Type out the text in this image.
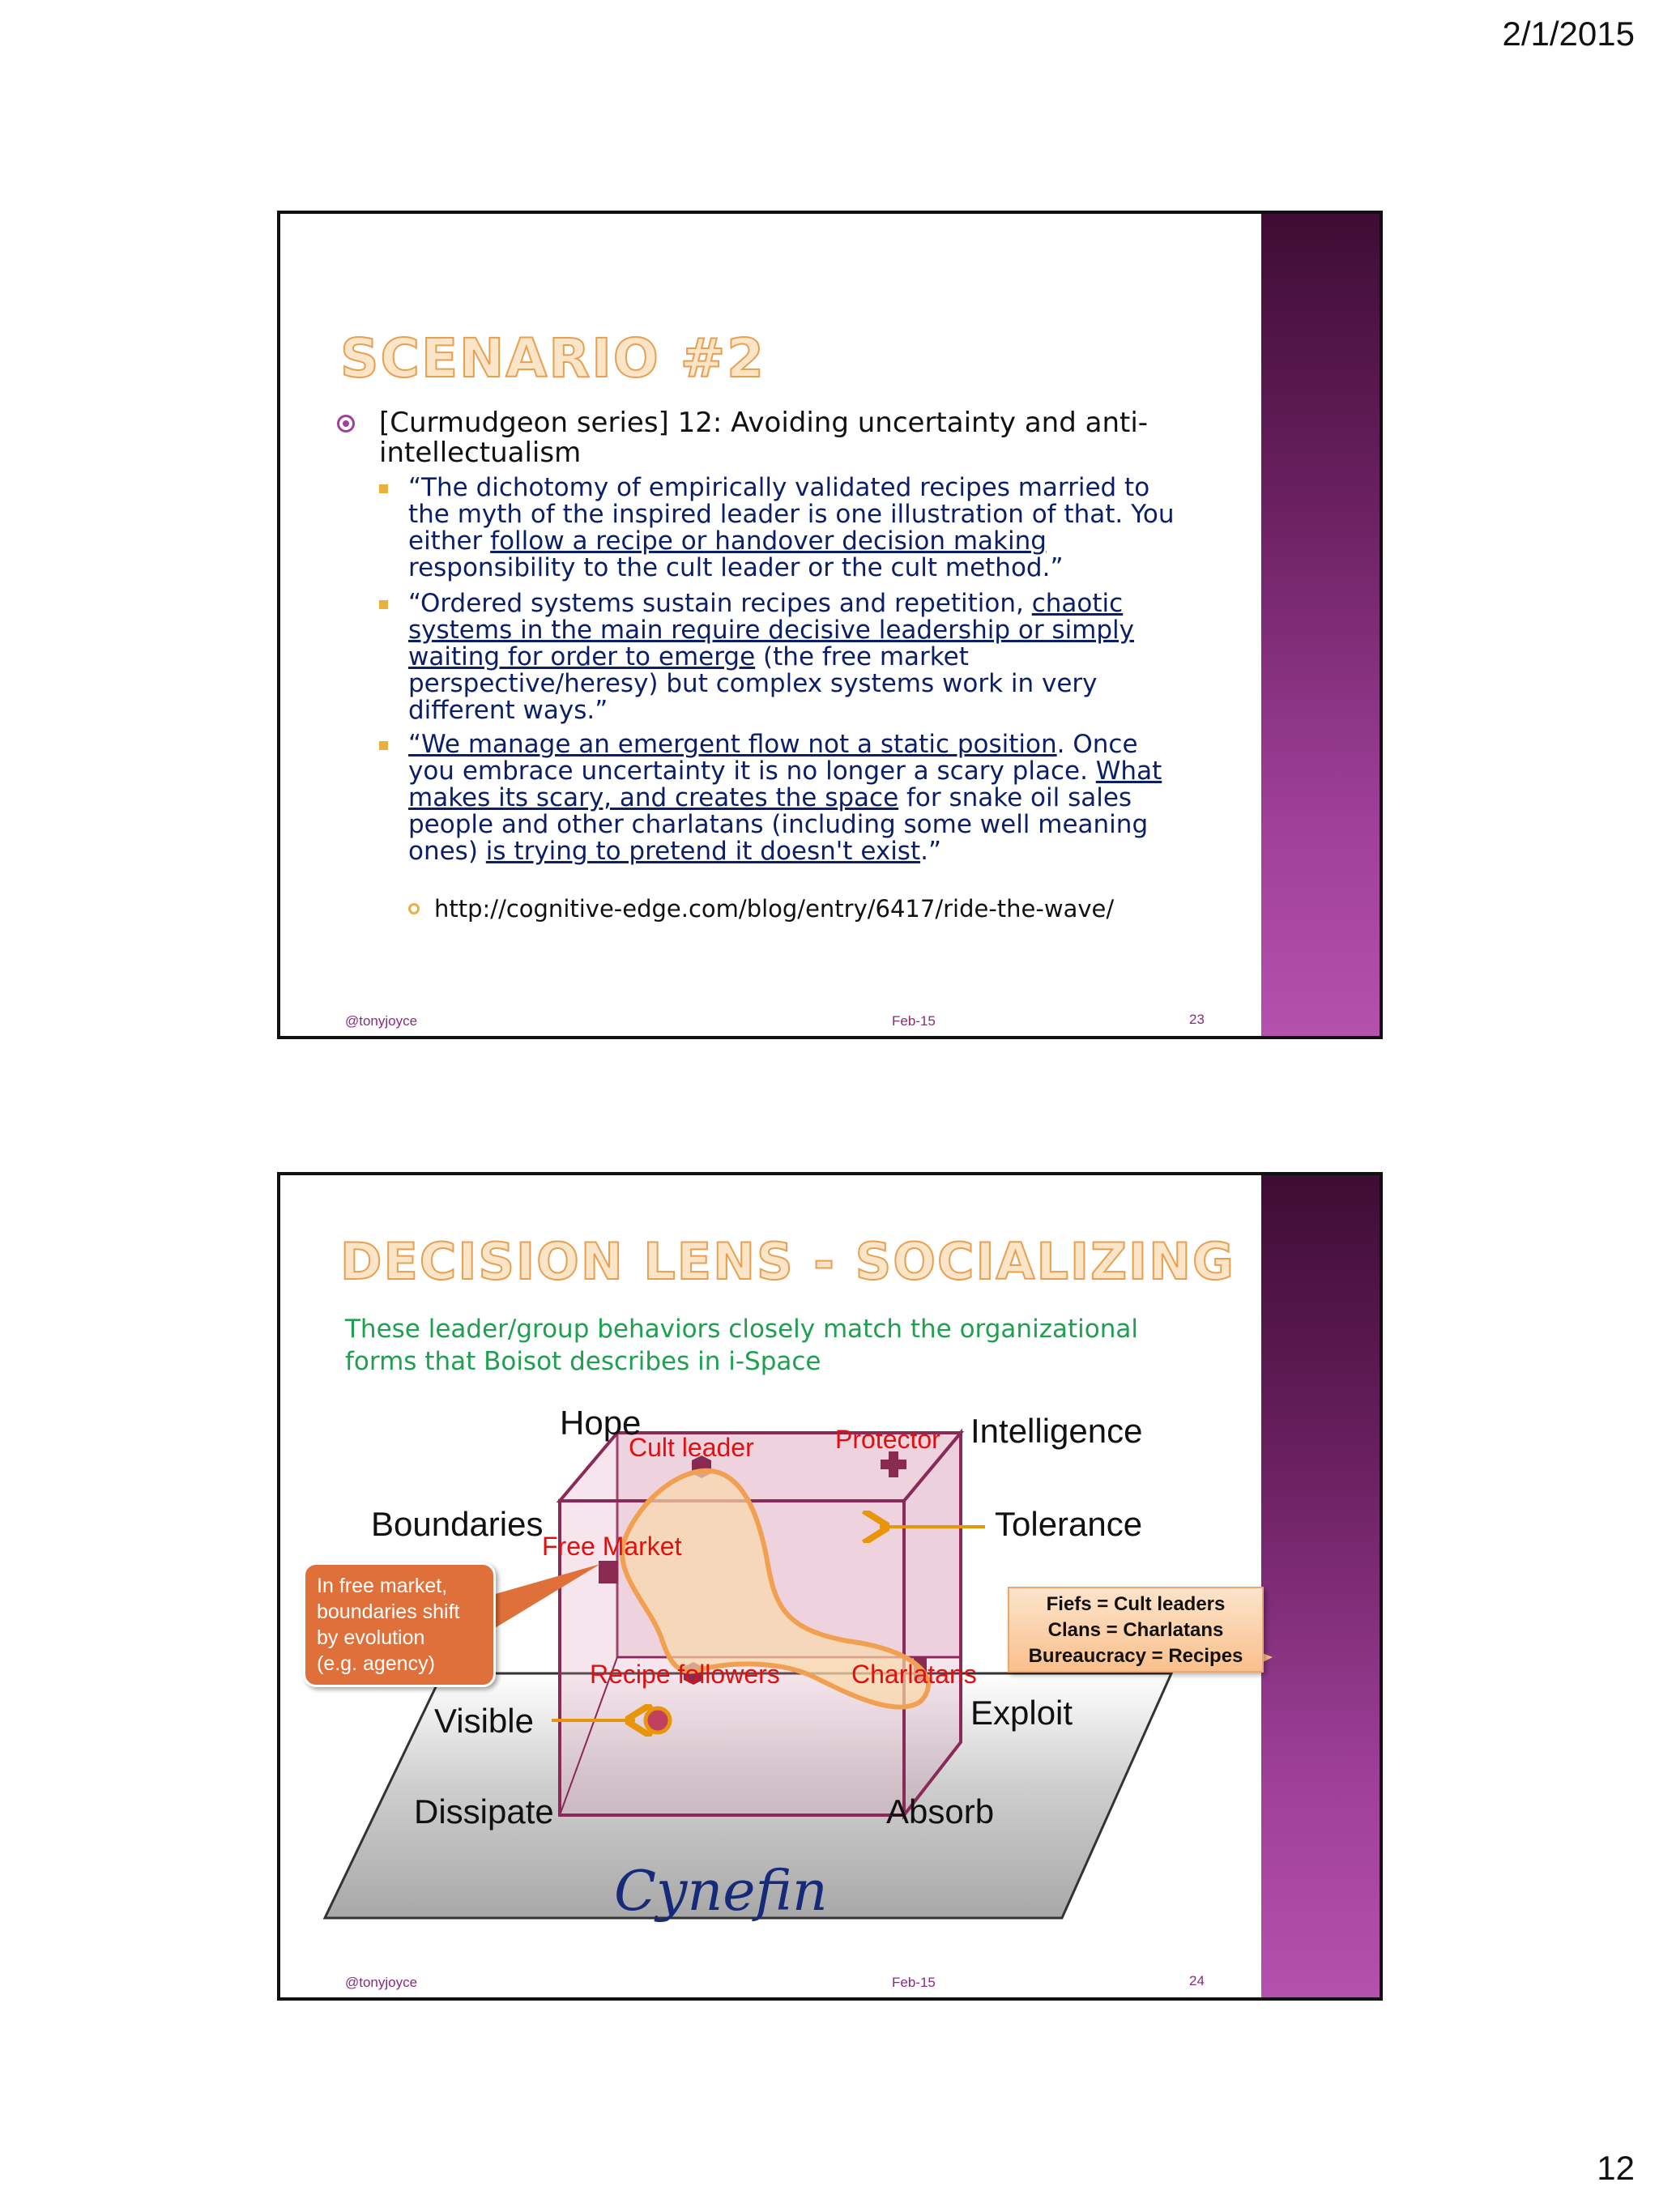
2/1/2015
SCENARIO #2
[Curmudgeon series] 12: Avoiding uncertainty and anti-intellectualism
“The dichotomy of empirically validated recipes married to the myth of the inspired leader is one illustration of that. You either follow a recipe or handover decision making responsibility to the cult leader or the cult method.”
“Ordered systems sustain recipes and repetition, chaotic systems in the main require decisive leadership or simply waiting for order to emerge (the free market perspective/heresy) but complex systems work in very different ways.”
“We manage an emergent flow not a static position. Once you embrace uncertainty it is no longer a scary place. What makes its scary, and creates the space for snake oil sales people and other charlatans (including some well meaning ones) is trying to pretend it doesn't exist.”
http://cognitive-edge.com/blog/entry/6417/ride-the-wave/
@tonyjoyce	Feb-15	23
DECISION LENS - SOCIALIZING
These leader/group behaviors closely match the organizational
forms that Boisot describes in i-Space
Hope	Intelligence
Boundaries	Tolerance
Visible	Exploit
Dissipate	Absorb
Cult leader	Protector
Free Market
Recipe followers	Charlatans
Cynefin
In free market,
boundaries shift
by evolution
(e.g. agency)
Fiefs = Cult leaders
Clans = Charlatans
Bureaucracy = Recipes
@tonyjoyce	Feb-15	24
12
